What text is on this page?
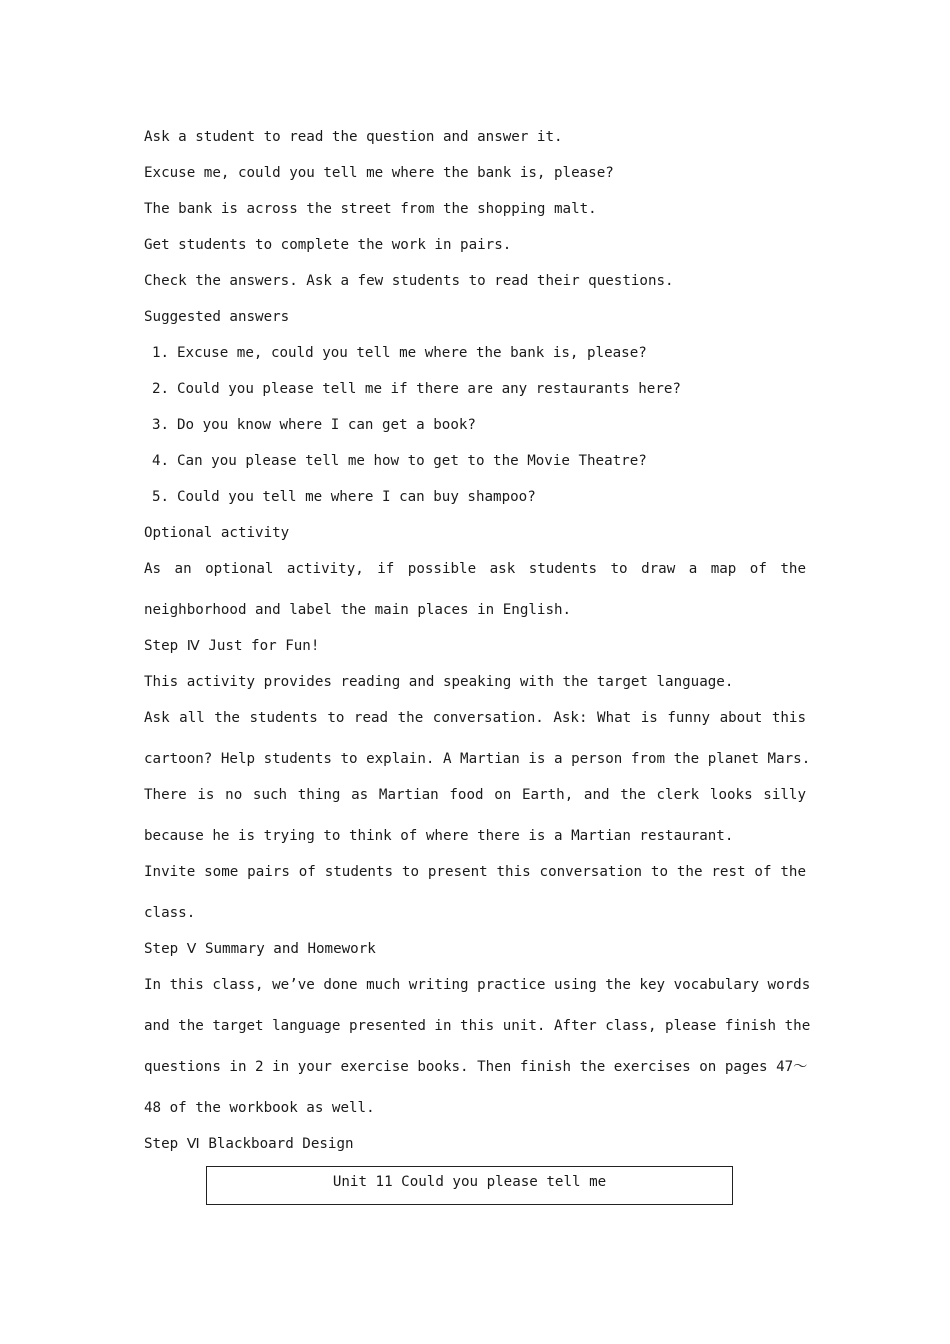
Ask a student to read the question and answer it.
Excuse me, could you tell me where the bank is, please?
The bank is across the street from the shopping malt.
Get students to complete the work in pairs.
Check the answers. Ask a few students to read their questions.
Suggested answers
1. Excuse me, could you tell me where the bank is, please?
2. Could you please tell me if there are any restaurants here?
3. Do you know where I can get a book?
4. Can you please tell me how to get to the Movie Theatre?
5. Could you tell me where I can buy shampoo?
Optional activity
As an optional activity, if possible ask students to draw a map of the
neighborhood and label the main places in English.
Step Ⅳ Just for Fun!
This activity provides reading and speaking with the target language.
Ask all the students to read the conversation. Ask: What is funny about this
cartoon? Help students to explain. A Martian is a person from the planet Mars.
There is no such thing as Martian food on Earth, and the clerk looks silly
because he is trying to think of where there is a Martian restaurant.
Invite some pairs of students to present this conversation to the rest of the
class.
Step Ⅴ Summary and Homework
In this class, we’ve done much writing practice using the key vocabulary words
and the target language presented in this unit. After class, please finish the
questions in 2 in your exercise books. Then finish the exercises on pages 47～
48 of the workbook as well.
Step Ⅵ Blackboard Design
Unit 11 Could you please tell me
